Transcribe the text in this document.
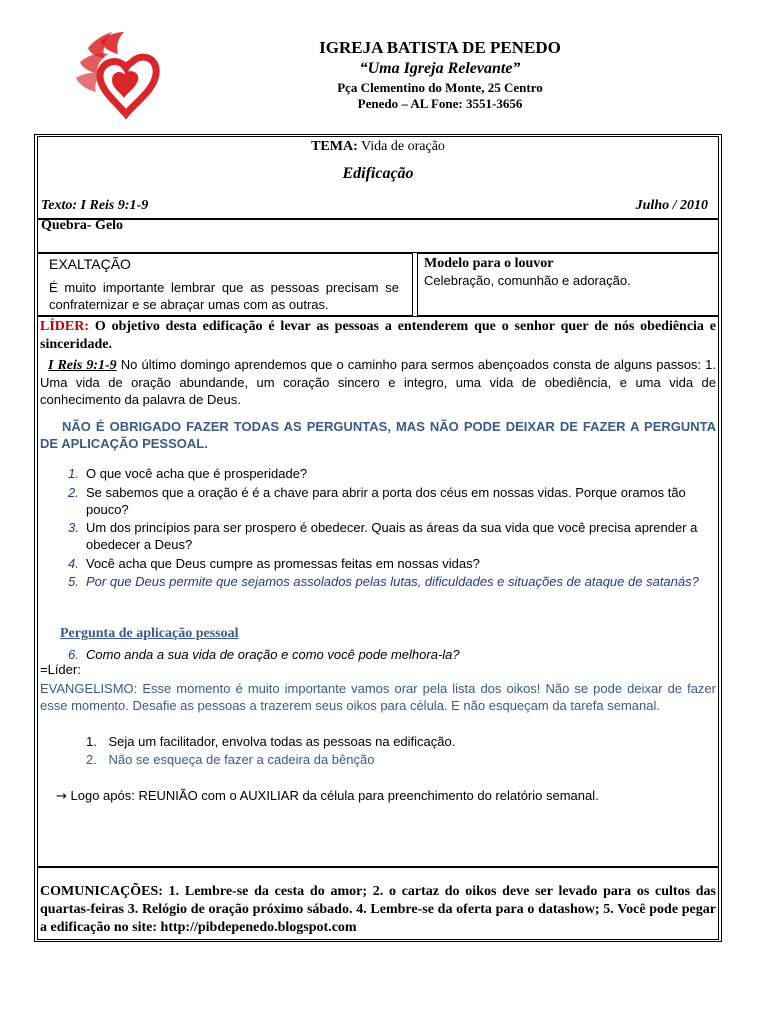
IGREJA BATISTA DE PENEDO
“Uma Igreja Relevante”
Pça Clementino do Monte, 25 Centro
Penedo – AL Fone: 3551-3656
TEMA: Vida de oração
Edificação
Texto: I Reis 9:1-9	Julho / 2010
Quebra- Gelo
EXALTAÇÃO
É muito importante lembrar que as pessoas precisam se confraternizar e se abraçar umas com as outras.
Modelo para o louvor
Celebração, comunhão e adoração.
LÍDER: O objetivo desta edificação é levar as pessoas a entenderem que o senhor quer de nós obediência e sinceridade.
I Reis 9:1-9 No último domingo aprendemos que o caminho para sermos abençoados consta de alguns passos: 1. Uma vida de oração abundande, um coração sincero e integro, uma vida de obediência, e uma vida de conhecimento da palavra de Deus.
NÃO É OBRIGADO FAZER TODAS AS PERGUNTAS, MAS NÃO PODE DEIXAR DE FAZER A PERGUNTA DE APLICAÇÃO PESSOAL.
1. O que você acha que é prosperidade?
2. Se sabemos que a oração é é a chave para abrir a porta dos céus em nossas vidas. Porque oramos tão pouco?
3. Um dos princípios para ser prospero é obedecer. Quais as áreas da sua vida que você precisa aprender a obedecer a Deus?
4. Você acha que Deus cumpre as promessas feitas em nossas vidas?
5. Por que Deus permite que sejamos assolados pelas lutas, dificuldades e situações de ataque de satanás?
Pergunta de aplicação pessoal
6. Como anda a sua vida de oração e como você pode melhora-la?
=Líder:
EVANGELISMO: Esse momento é muito importante vamos orar pela lista dos oikos! Não se pode deixar de fazer esse momento. Desafie as pessoas a trazerem seus oikos para célula. E não esqueçam da tarefa semanal.
1. Seja um facilitador, envolva todas as pessoas na edificação.
2. Não se esqueça de fazer a cadeira da bênção
→ Logo após: REUNIÃO com o AUXILIAR da célula para preenchimento do relatório semanal.
COMUNICAÇÕES: 1. Lembre-se da cesta do amor; 2. o cartaz do oikos deve ser levado para os cultos das quartas-feiras 3. Relógio de oração próximo sábado. 4. Lembre-se da oferta para o datashow; 5. Você pode pegar a edificação no site: http://pibdepenedo.blogspot.com
